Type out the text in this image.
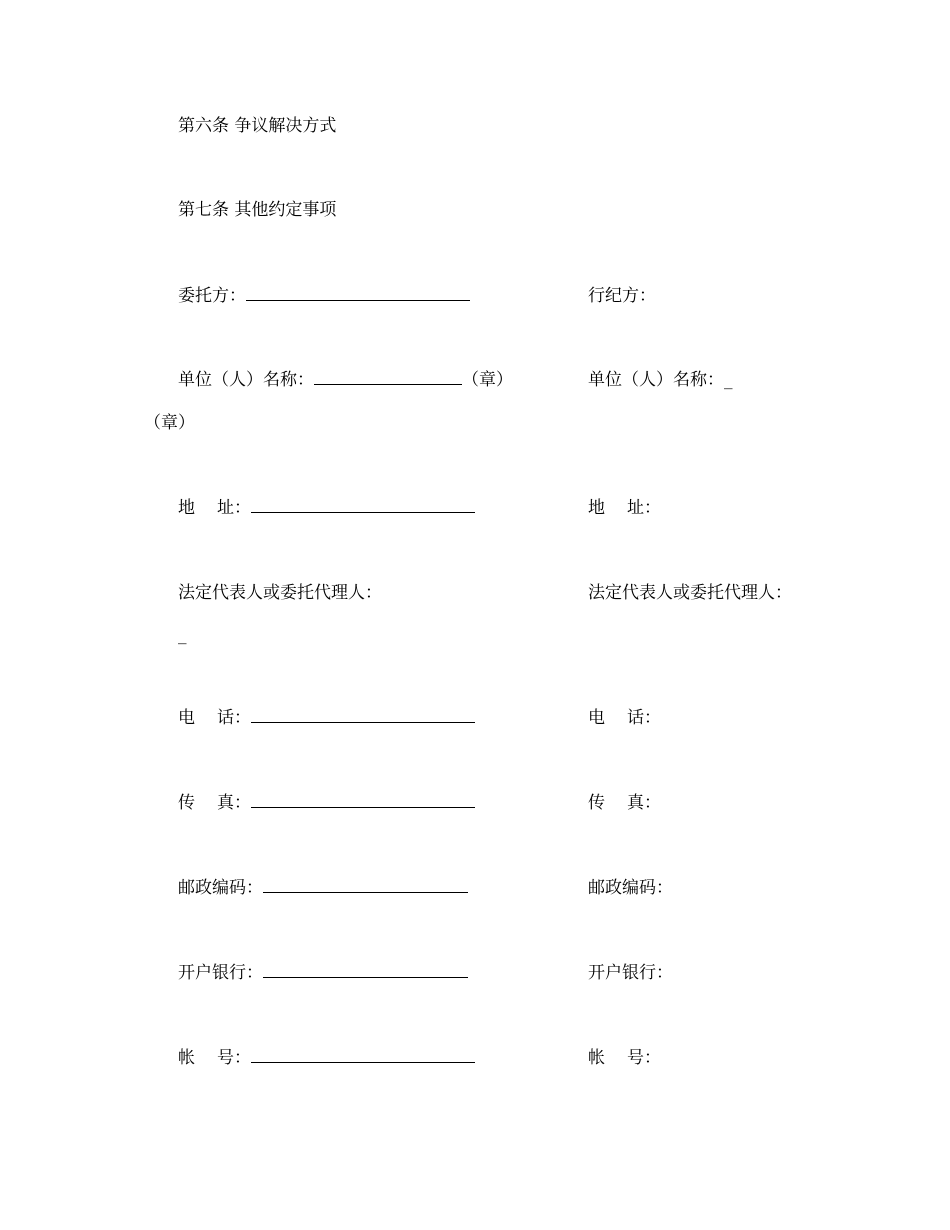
第六条 争议解决方式
第七条 其他约定事项
委托方：
单位（人）名称：	（章）
（章）
地 址：
法定代表人或委托代理人：
_
电 话：
传 真：
邮政编码：
开户银行：
帐 号：
行纪方：
单位（人）名称：_
地 址：
法定代表人或委托代理人：
电 话：
传 真：
邮政编码：
开户银行：
帐 号：
